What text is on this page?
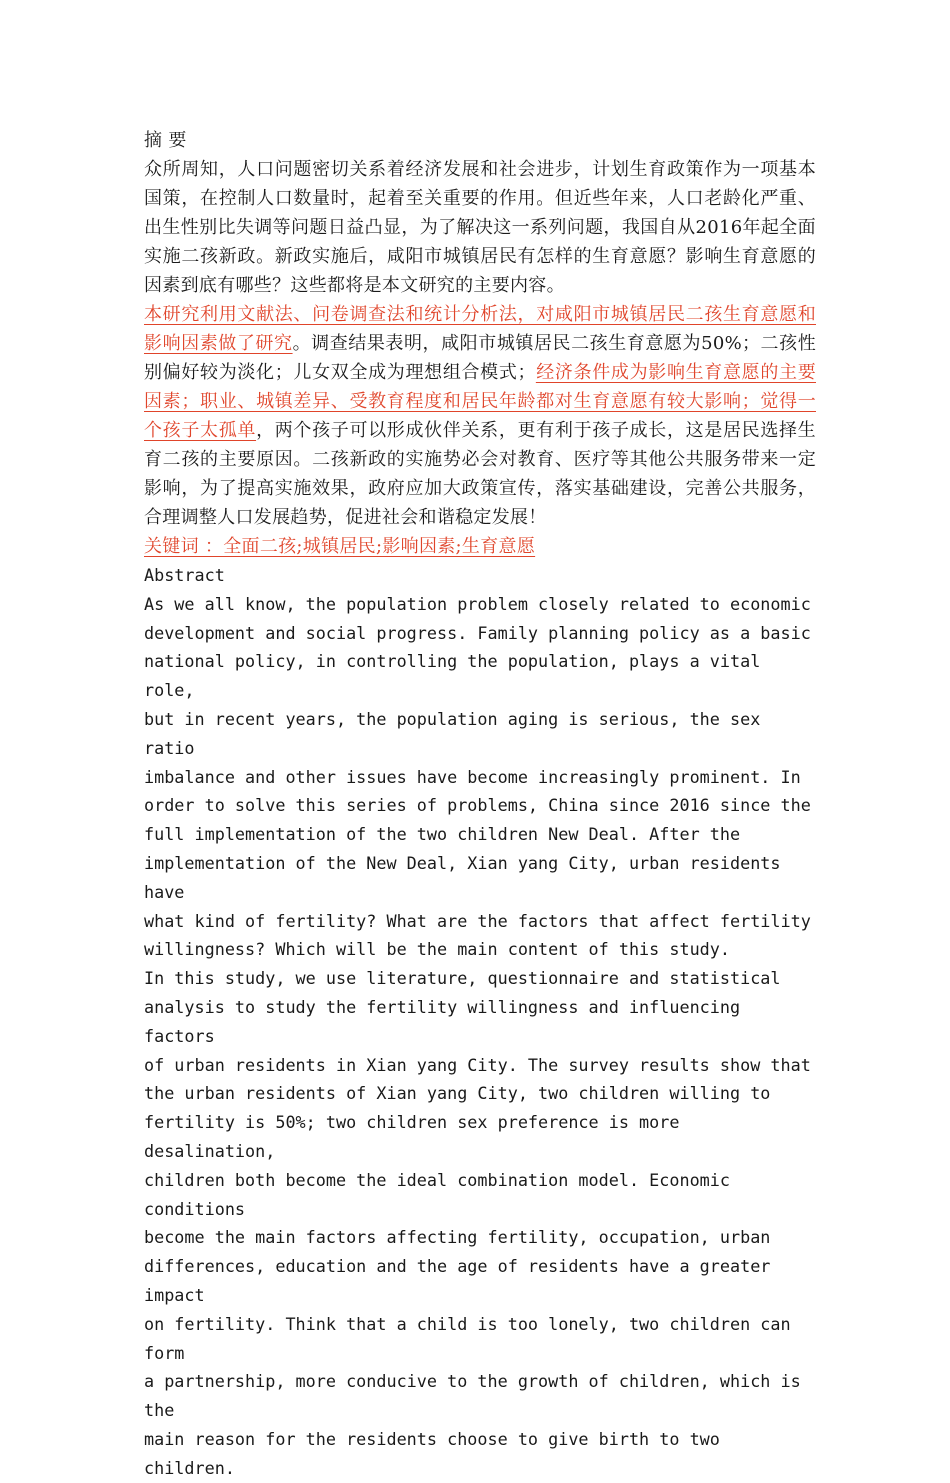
摘 要

众所周知，人口问题密切关系着经济发展和社会进步，计划生育政策作为一项基本国策，在控制人口数量时，起着至关重要的作用。但近些年来，人口老龄化严重、出生性别比失调等问题日益凸显，为了解决这一系列问题，我国自从2016年起全面实施二孩新政。新政实施后，咸阳市城镇居民有怎样的生育意愿？影响生育意愿的因素到底有哪些？这些都将是本文研究的主要内容。

本研究利用文献法、问卷调查法和统计分析法，对咸阳市城镇居民二孩生育意愿和影响因素做了研究。调查结果表明，咸阳市城镇居民二孩生育意愿为50%；二孩性别偏好较为淡化；儿女双全成为理想组合模式；经济条件成为影响生育意愿的主要因素；职业、城镇差异、受教育程度和居民年龄都对生育意愿有较大影响；觉得一个孩子太孤单，两个孩子可以形成伙伴关系，更有利于孩子成长，这是居民选择生育二孩的主要原因。二孩新政的实施势必会对教育、医疗等其他公共服务带来一定影响，为了提高实施效果，政府应加大政策宣传，落实基础建设，完善公共服务，合理调整人口发展趋势，促进社会和谐稳定发展！

关键词 ：全面二孩;城镇居民;影响因素;生育意愿

Abstract

As we all know, the population problem closely related to economic
development and social progress. Family planning policy as a basic
national policy, in controlling the population, plays a vital role,
but in recent years, the population aging is serious, the sex ratio
imbalance and other issues have become increasingly prominent. In
order to solve this series of problems, China since 2016 since the
full implementation of the two children New Deal. After the
implementation of the New Deal, Xian yang City, urban residents have
what kind of fertility? What are the factors that affect fertility
willingness? Which will be the main content of this study.

In this study, we use literature, questionnaire and statistical
analysis to study the fertility willingness and influencing factors
of urban residents in Xian yang City. The survey results show that
the urban residents of Xian yang City, two children willing to
fertility is 50%; two children sex preference is more desalination,
children both become the ideal combination model. Economic conditions
become the main factors affecting fertility, occupation, urban
differences, education and the age of residents have a greater impact
on fertility. Think that a child is too lonely, two children can form
a partnership, more conducive to the growth of children, which is the
main reason for the residents choose to give birth to two children.
